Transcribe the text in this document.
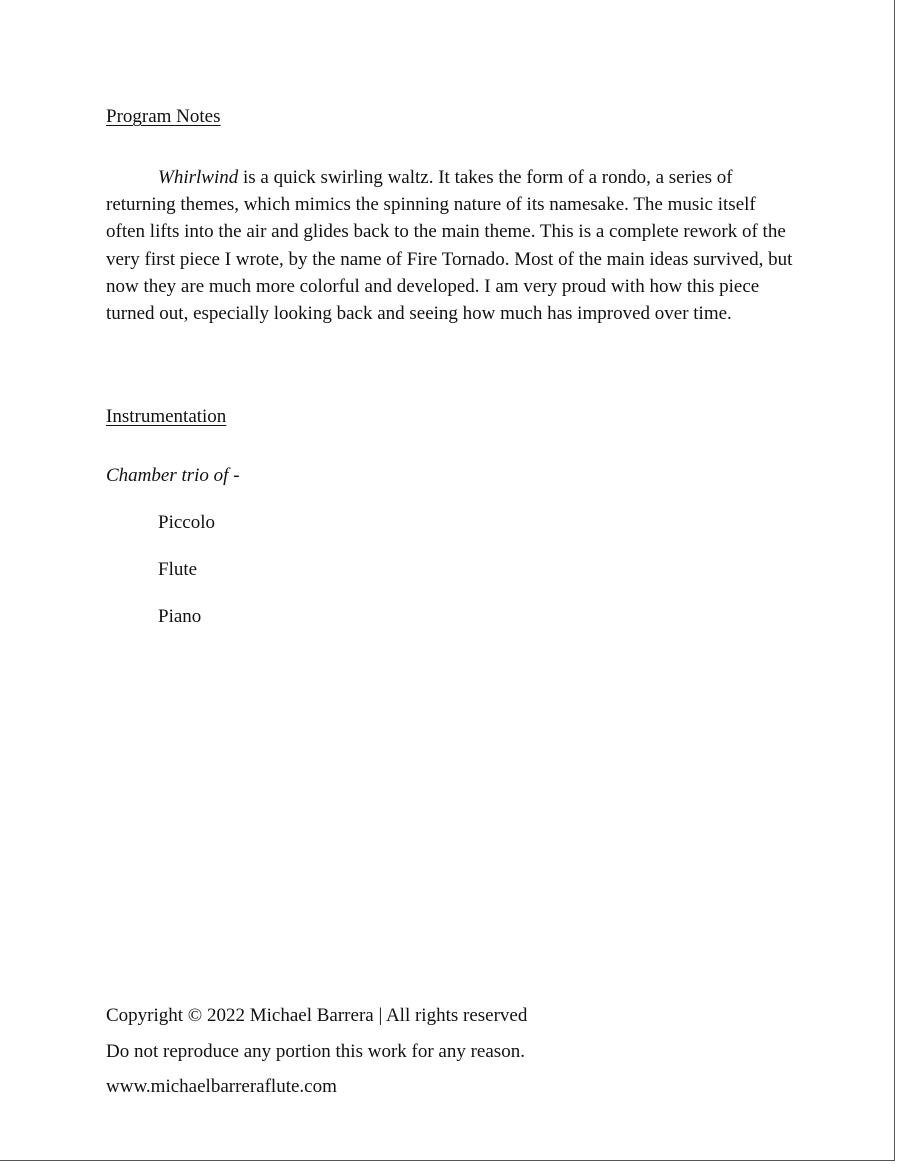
Program Notes

Whirlwind is a quick swirling waltz. It takes the form of a rondo, a series of returning themes, which mimics the spinning nature of its namesake. The music itself often lifts into the air and glides back to the main theme. This is a complete rework of the very first piece I wrote, by the name of Fire Tornado. Most of the main ideas survived, but now they are much more colorful and developed. I am very proud with how this piece turned out, especially looking back and seeing how much has improved over time.

Instrumentation

Chamber trio of -

Piccolo

Flute

Piano

Copyright © 2022 Michael Barrera | All rights reserved

Do not reproduce any portion this work for any reason.

www.michaelbarreraflute.com
